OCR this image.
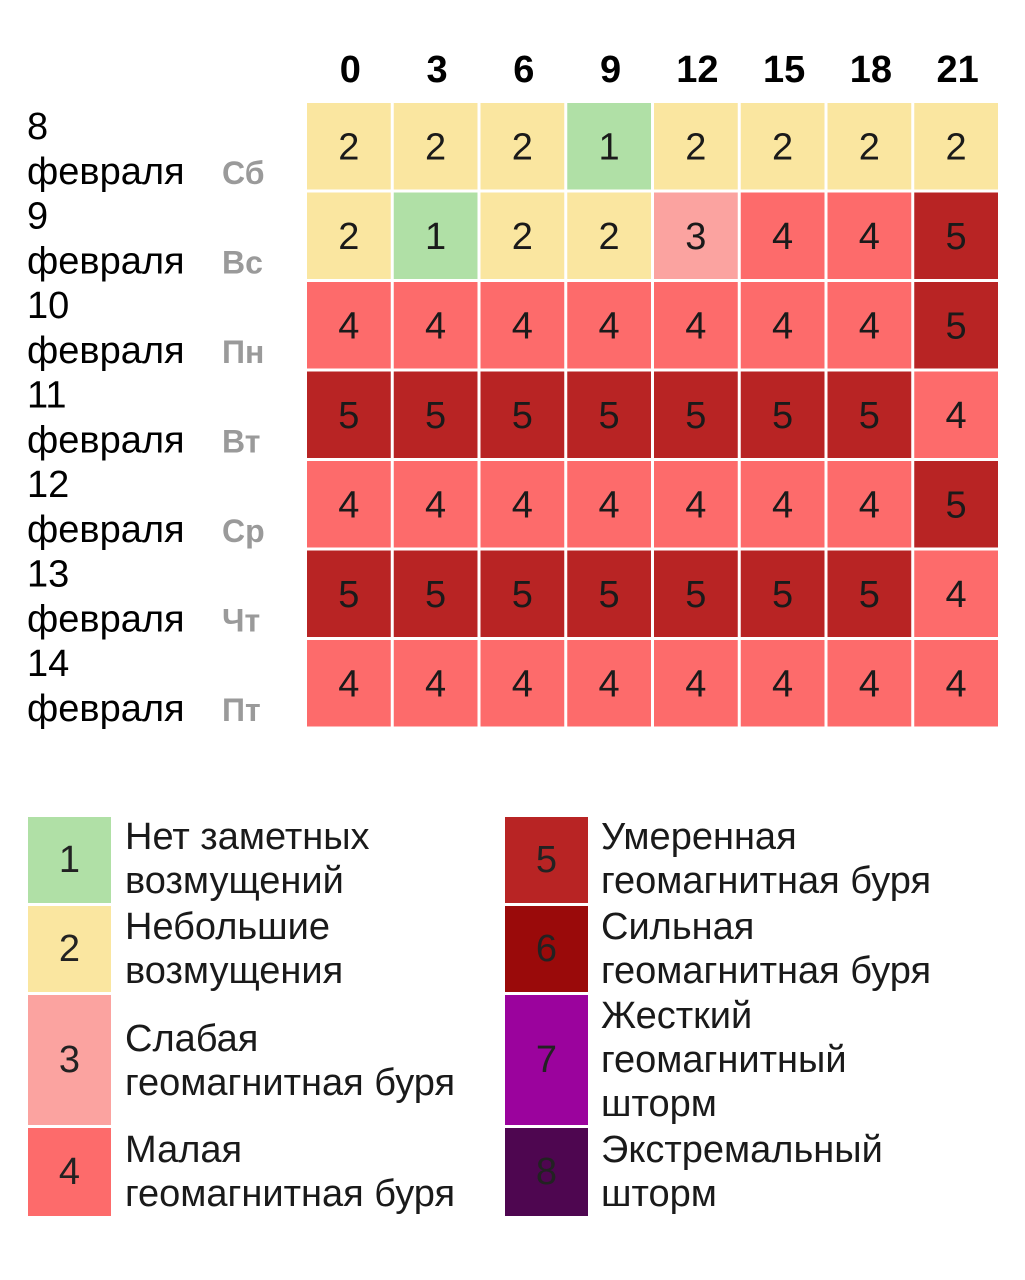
0 3 6 9 12 15 18 21
8
февраля Сб
2 2 2 1 2 2 2 2
9
февраля Вс
2 1 2 2 3 4 4 5
10
февраля Пн
4 4 4 4 4 4 4 5
11
февраля Вт
5 5 5 5 5 5 5 4
12
февраля Ср
4 4 4 4 4 4 4 5
13
февраля Чт
5 5 5 5 5 5 5 4
14
февраля Пт
4 4 4 4 4 4 4 4
1
Нет заметных
возмущений
2
Небольшие
возмущения
3 Слабая
геомагнитная буря
4
Малая
геомагнитная буря
5
Умеренная
геомагнитная буря
6
Сильная
геомагнитная буря
7
Жесткий
геомагнитный
шторм
8
Экстремальный
шторм
